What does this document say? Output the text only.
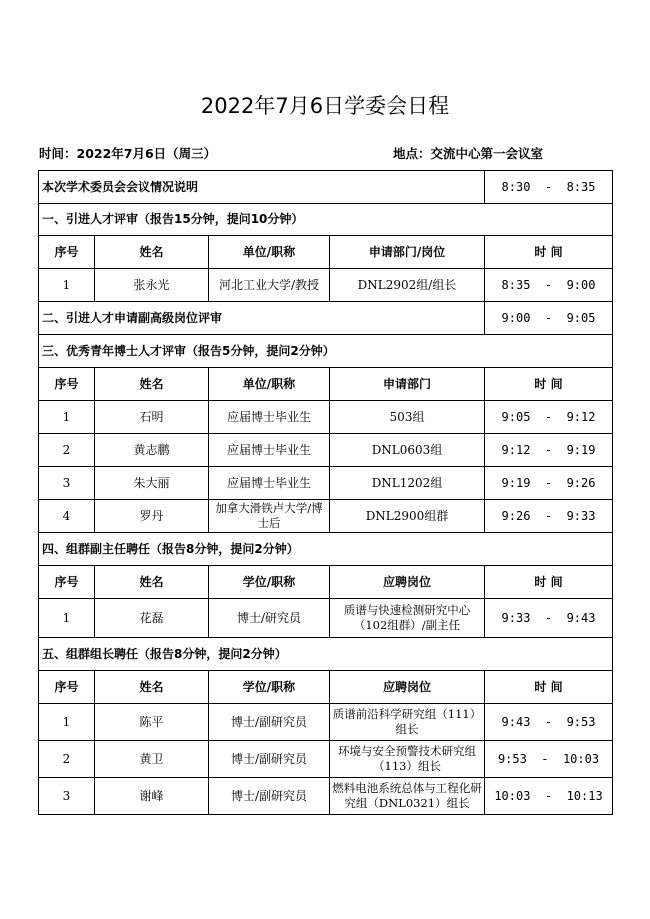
2022年7月6日学委会日程
时间：2022年7月6日（周三）	地点：交流中心第一会议室
本次学术委员会会议情况说明				8:30  -  8:35
一、引进人才评审（报告15分钟，提问10分钟）				
序号	姓名	单位/职称	申请部门/岗位	时 间
1	张永光	河北工业大学/教授	DNL2902组/组长	8:35  -  9:00
二、引进人才申请副高级岗位评审				9:00  -  9:05
三、优秀青年博士人才评审（报告5分钟，提问2分钟）				
序号	姓名	单位/职称	申请部门	时 间
1	石明	应届博士毕业生	503组	9:05  -  9:12
2	黄志鹏	应届博士毕业生	DNL0603组	9:12  -  9:19
3	朱大丽	应届博士毕业生	DNL1202组	9:19  -  9:26
4	罗丹	加拿大滑铁卢大学/博士后	DNL2900组群	9:26  -  9:33
四、组群副主任聘任（报告8分钟，提问2分钟）				
序号	姓名	学位/职称	应聘岗位	时 间
1	花磊	博士/研究员	质谱与快速检测研究中心（102组群）/副主任	9:33  -  9:43
五、组群组长聘任（报告8分钟，提问2分钟）				
序号	姓名	学位/职称	应聘岗位	时 间
1	陈平	博士/副研究员	质谱前沿科学研究组（111）组长	9:43  -  9:53
2	黄卫	博士/副研究员	环境与安全预警技术研究组（113）组长	9:53  -  10:03
3	谢峰	博士/副研究员	燃料电池系统总体与工程化研究组（DNL0321）组长	10:03  -  10:13
